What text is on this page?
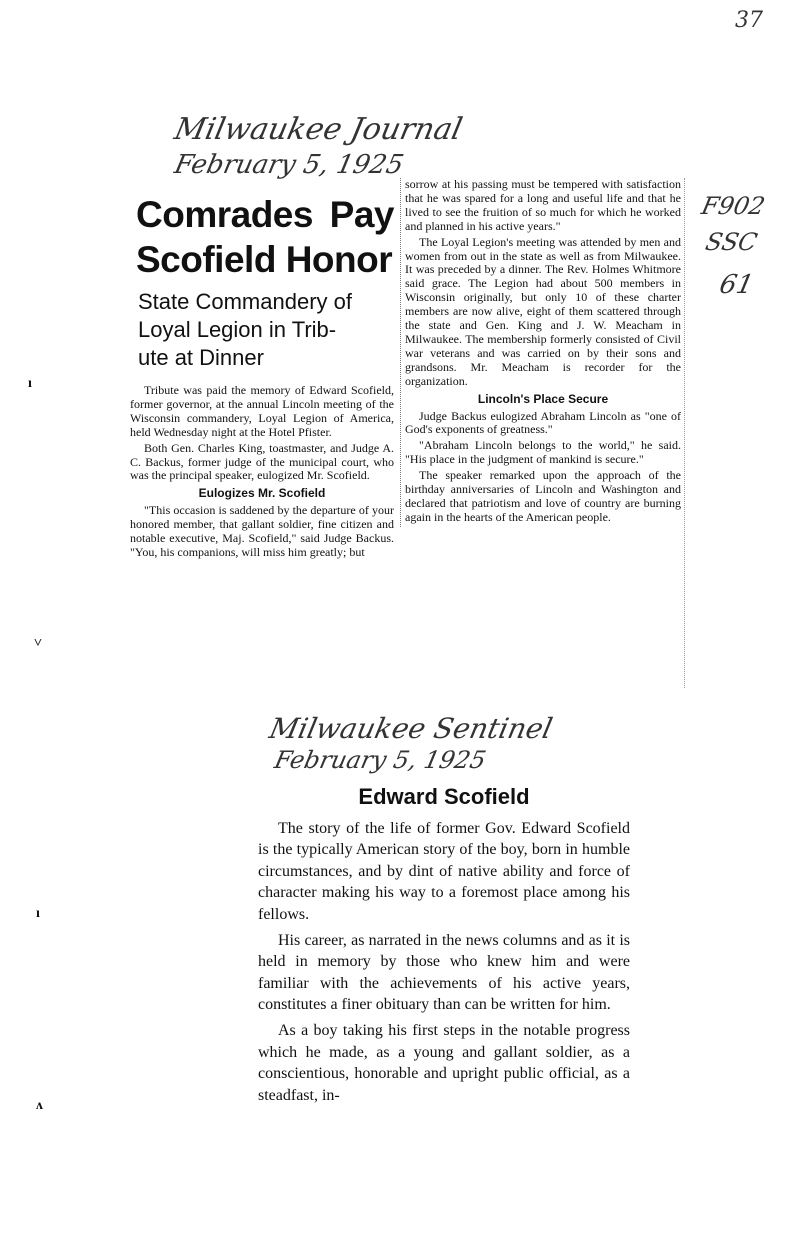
37
Milwaukee Journal
February 5, 1925
F902
SSC
61
ı
˅
ı
ʌ
Comrades Pay Scofield Honor
State Commandery of
Loyal Legion in Trib-
ute at Dinner

Tribute was paid the memory of Edward Scofield, former governor, at the annual Lincoln meeting of the Wisconsin commandery, Loyal Legion of America, held Wednesday night at the Hotel Pfister.

Both Gen. Charles King, toastmaster, and Judge A. C. Backus, former judge of the municipal court, who was the principal speaker, eulogized Mr. Scofield.

Eulogizes Mr. Scofield

"This occasion is saddened by the departure of your honored member, that gallant soldier, fine citizen and notable executive, Maj. Scofield," said Judge Backus. "You, his companions, will miss him greatly; but

sorrow at his passing must be tempered with satisfaction that he was spared for a long and useful life and that he lived to see the fruition of so much for which he worked and planned in his active years."

The Loyal Legion's meeting was attended by men and women from out in the state as well as from Milwaukee. It was preceded by a dinner. The Rev. Holmes Whitmore said grace. The Legion had about 500 members in Wisconsin originally, but only 10 of these charter members are now alive, eight of them scattered through the state and Gen. King and J. W. Meacham in Milwaukee. The membership formerly consisted of Civil war veterans and was carried on by their sons and grandsons. Mr. Meacham is recorder for the organization.

Lincoln's Place Secure

Judge Backus eulogized Abraham Lincoln as "one of God's exponents of greatness."

"Abraham Lincoln belongs to the world," he said. "His place in the judgment of mankind is secure."

The speaker remarked upon the approach of the birthday anniversaries of Lincoln and Washington and declared that patriotism and love of country are burning again in the hearts of the American people.

Milwaukee Sentinel
February 5, 1925
Edward Scofield

The story of the life of former Gov. Edward Scofield is the typically American story of the boy, born in humble circumstances, and by dint of native ability and force of character making his way to a foremost place among his fellows.

His career, as narrated in the news columns and as it is held in memory by those who knew him and were familiar with the achievements of his active years, constitutes a finer obituary than can be written for him.

As a boy taking his first steps in the notable progress which he made, as a young and gallant soldier, as a conscientious, honorable and upright public official, as a steadfast, in-
